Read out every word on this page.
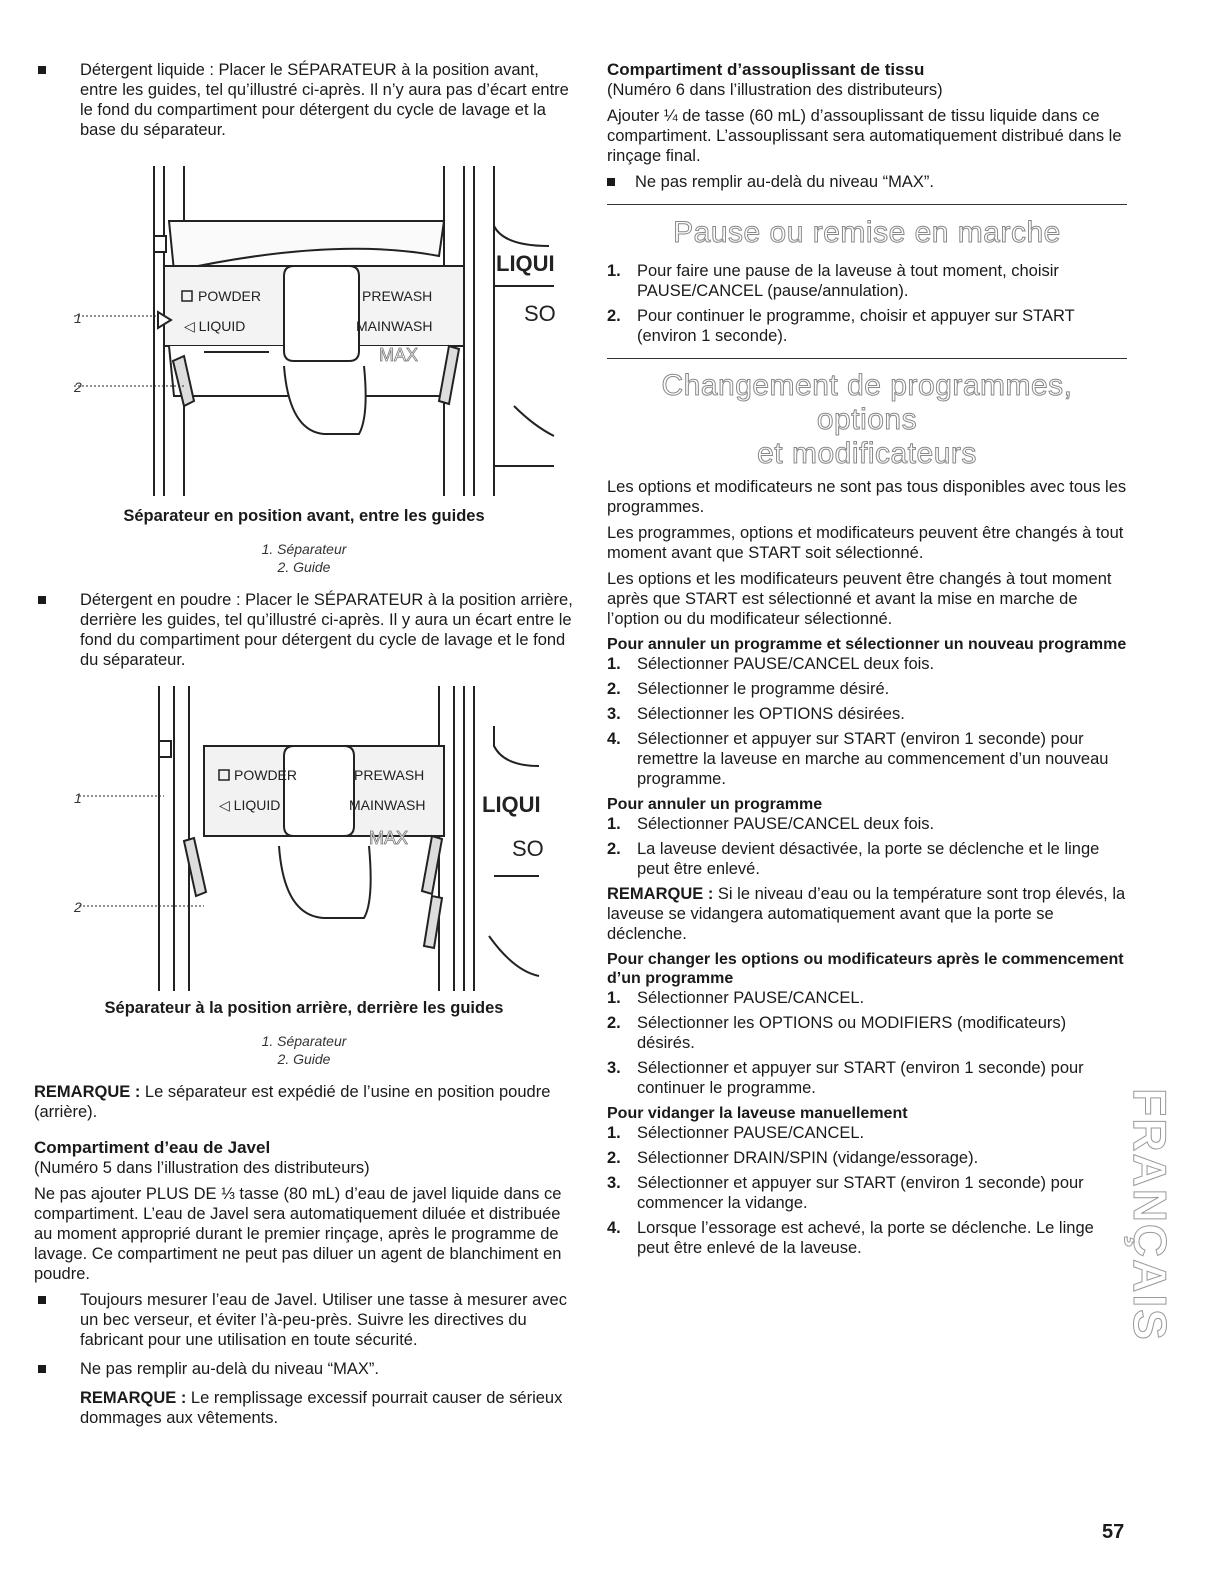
Détergent liquide : Placer le SÉPARATEUR à la position avant, entre les guides, tel qu’illustré ci-après. Il n’y aura pas d’écart entre le fond du compartiment pour détergent du cycle de lavage et la base du séparateur.
POWDER
◁ LIQUID
PREWASH
MAINWASH
MAX
LIQUI
SO
1
2
Séparateur en position avant, entre les guides
1. Séparateur
2. Guide
Détergent en poudre : Placer le SÉPARATEUR à la position arrière, derrière les guides, tel qu’illustré ci-après. Il y aura un écart entre le fond du compartiment pour détergent du cycle de lavage et le fond du séparateur.
POWDER
◁ LIQUID
PREWASH
MAINWASH
MAX
LIQUI
SO
1
2
Séparateur à la position arrière, derrière les guides
1. Séparateur
2. Guide

REMARQUE : Le séparateur est expédié de l’usine en position poudre (arrière).

Compartiment d’eau de Javel

(Numéro 5 dans l’illustration des distributeurs)

Ne pas ajouter PLUS DE ⅓ tasse (80 mL) d’eau de javel liquide dans ce compartiment. L’eau de Javel sera automatiquement diluée et distribuée au moment approprié durant le premier rinçage, après le programme de lavage. Ce compartiment ne peut pas diluer un agent de blanchiment en poudre.

Toujours mesurer l’eau de Javel. Utiliser une tasse à mesurer avec un bec verseur, et éviter l’à-peu-près. Suivre les directives du fabricant pour une utilisation en toute sécurité.
Ne pas remplir au-delà du niveau “MAX”.

REMARQUE : Le remplissage excessif pourrait causer de sérieux dommages aux vêtements.

Compartiment d’assouplissant de tissu

(Numéro 6 dans l’illustration des distributeurs)

Ajouter ¼ de tasse (60 mL) d’assouplissant de tissu liquide dans ce compartiment. L’assouplissant sera automatiquement distribué dans le rinçage final.

Ne pas remplir au-delà du niveau “MAX”.
Pause ou remise en marche
1. Pour faire une pause de la laveuse à tout moment, choisir PAUSE/CANCEL (pause/annulation).
2. Pour continuer le programme, choisir et appuyer sur START (environ 1 seconde).
Changement de programmes, options
et modificateurs

Les options et modificateurs ne sont pas tous disponibles avec tous les programmes.

Les programmes, options et modificateurs peuvent être changés à tout moment avant que START soit sélectionné.

Les options et les modificateurs peuvent être changés à tout moment après que START est sélectionné et avant la mise en marche de l’option ou du modificateur sélectionné.

Pour annuler un programme et sélectionner un nouveau programme
1. Sélectionner PAUSE/CANCEL deux fois.
2. Sélectionner le programme désiré.
3. Sélectionner les OPTIONS désirées.
4. Sélectionner et appuyer sur START (environ 1 seconde) pour remettre la laveuse en marche au commencement d’un nouveau programme.
Pour annuler un programme
1. Sélectionner PAUSE/CANCEL deux fois.
2. La laveuse devient désactivée, la porte se déclenche et le linge peut être enlevé.

REMARQUE : Si le niveau d’eau ou la température sont trop élevés, la laveuse se vidangera automatiquement avant que la porte se déclenche.

Pour changer les options ou modificateurs après le commencement d’un programme
1. Sélectionner PAUSE/CANCEL.
2. Sélectionner les OPTIONS ou MODIFIERS (modificateurs) désirés.
3. Sélectionner et appuyer sur START (environ 1 seconde) pour continuer le programme.
Pour vidanger la laveuse manuellement
1. Sélectionner PAUSE/CANCEL.
2. Sélectionner DRAIN/SPIN (vidange/essorage).
3. Sélectionner et appuyer sur START (environ 1 seconde) pour commencer la vidange.
4. Lorsque l’essorage est achevé, la porte se déclenche. Le linge peut être enlevé de la laveuse.	FRANÇAIS
57
